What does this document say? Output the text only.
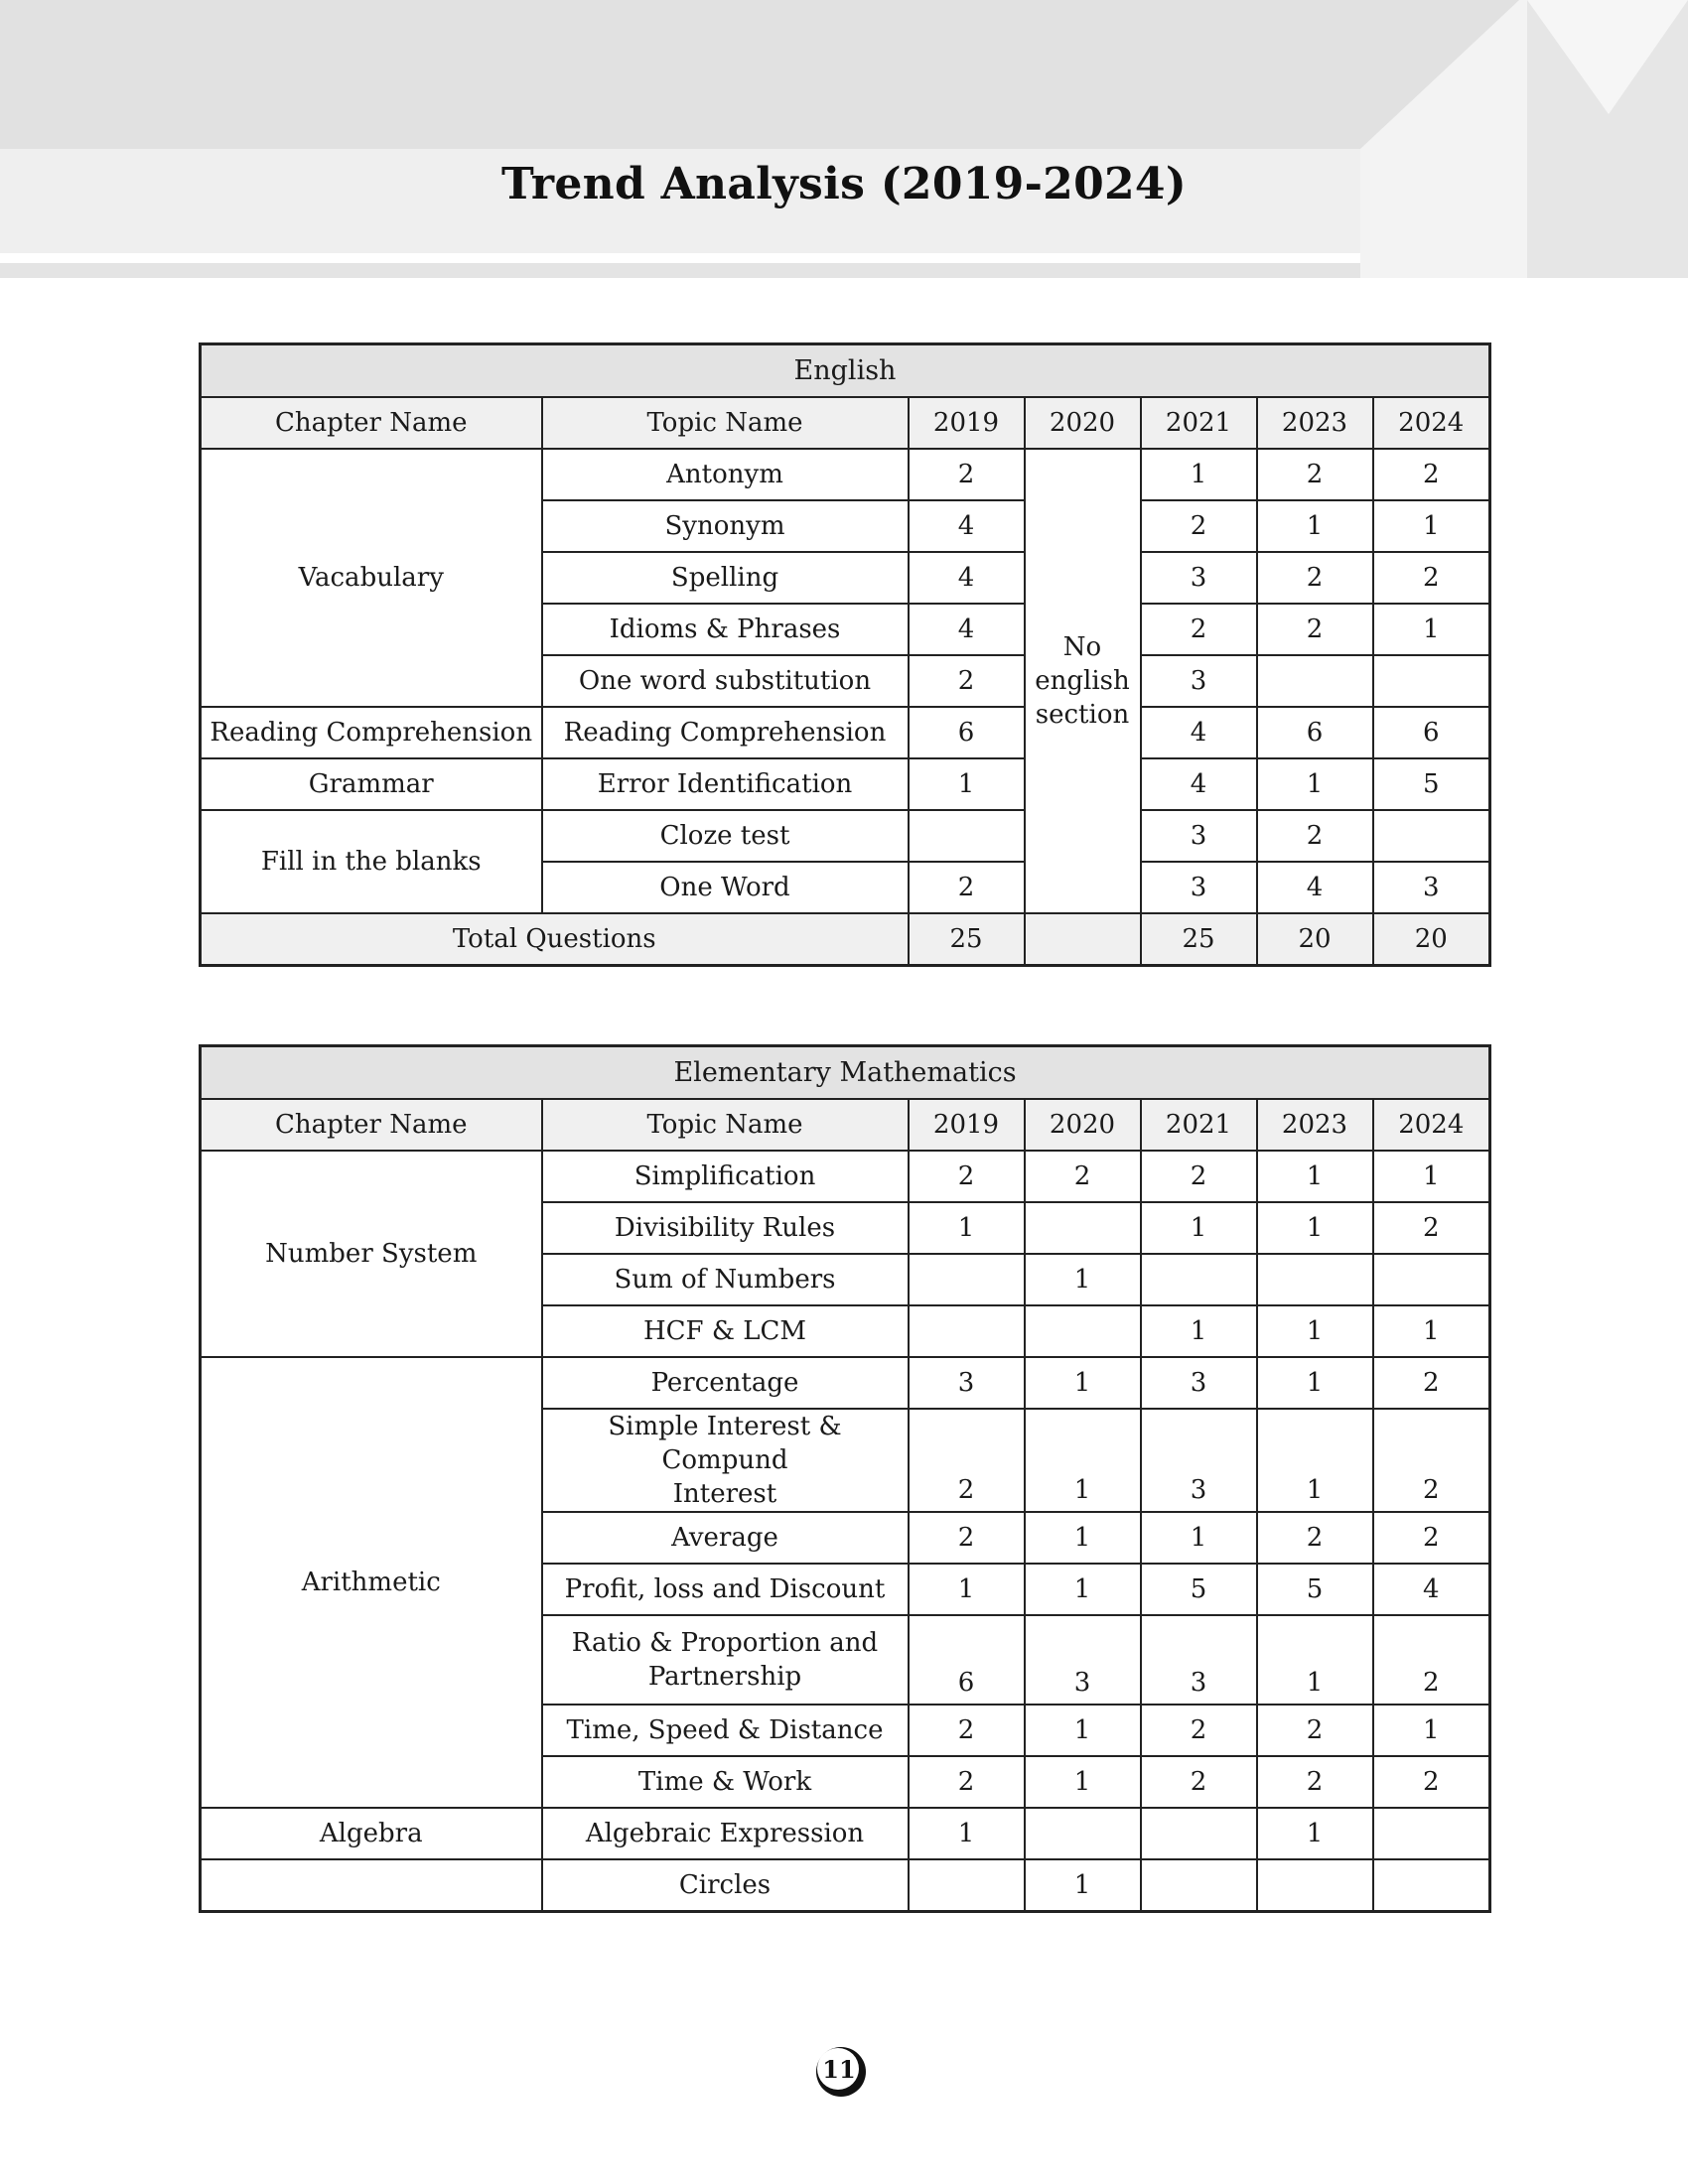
Trend Analysis (2019-2024)
English						
Chapter Name	Topic Name	2019	2020	2021	2023	2024
Vacabulary	Antonym	2	No english section	1	2	2
	Synonym	4		2	1	1
	Spelling	4		3	2	2
	Idioms & Phrases	4		2	2	1
	One word substitution	2		3		
Reading Comprehension	Reading Comprehension	6		4	6	6
Grammar	Error Identification	1		4	1	5
Fill in the blanks	Cloze test			3	2	
	One Word	2		3	4	3
Total Questions		25		25	20	20
Elementary Mathematics						
Chapter Name	Topic Name	2019	2020	2021	2023	2024
Number System	Simplification	2	2	2	1	1
	Divisibility Rules	1		1	1	2
	Sum of Numbers		1			
	HCF & LCM			1	1	1
Arithmetic	Percentage	3	1	3	1	2
	Simple Interest & Compund
Interest	2	1	3	1	2
	Average	2	1	1	2	2
	Profit, loss and Discount	1	1	5	5	4
	Ratio & Proportion and
Partnership	6	3	3	1	2
	Time, Speed & Distance	2	1	2	2	1
	Time & Work	2	1	2	2	2
Algebra	Algebraic Expression	1			1	
	Circles		1			
11
